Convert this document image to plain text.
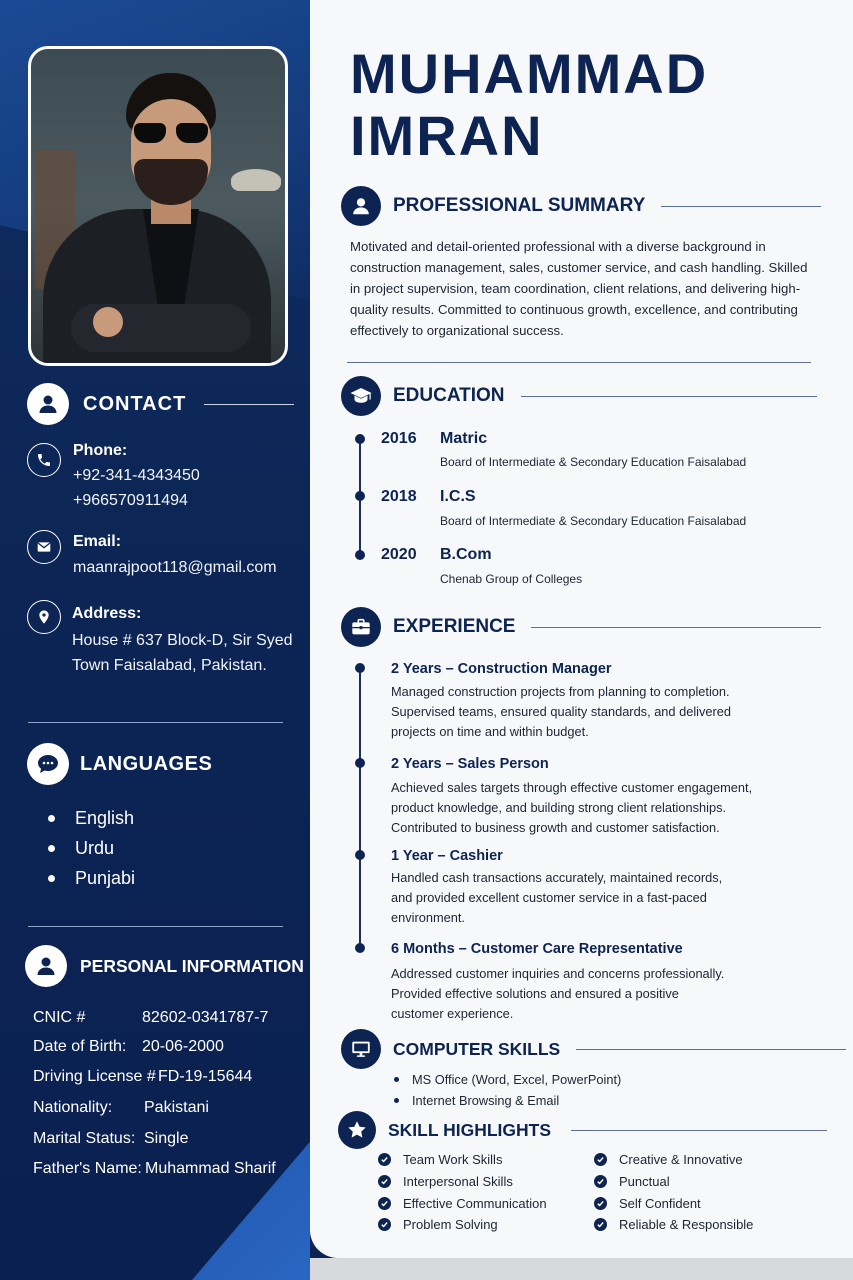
CONTACT
Phone:
+92-341-4343450
+966570911494
Email:
maanrajpoot118@gmail.com
Address:
House # 637 Block-D, Sir Syed
Town Faisalabad, Pakistan.
LANGUAGES
English
Urdu
Punjabi
PERSONAL INFORMATION
CNIC #	82602-0341787-7
Date of Birth: 20-06-2000
Driving License # FD-19-15644
Nationality:	Pakistani
Marital Status: Single
Father's Name: Muhammad Sharif
MUHAMMAD
IMRAN
PROFESSIONAL SUMMARY

Motivated and detail-oriented professional with a diverse background in construction management, sales, customer service, and cash handling. Skilled in project supervision, team coordination, client relations, and delivering high-quality results. Committed to continuous growth, excellence, and contributing effectively to organizational success.

EDUCATION
2016 Matric
Board of Intermediate & Secondary Education Faisalabad
2018 I.C.S
Board of Intermediate & Secondary Education Faisalabad
2020 B.Com
Chenab Group of Colleges
EXPERIENCE
2 Years – Construction Manager
Managed construction projects from planning to completion.
Supervised teams, ensured quality standards, and delivered
projects on time and within budget.
2 Years – Sales Person
Achieved sales targets through effective customer engagement,
product knowledge, and building strong client relationships.
Contributed to business growth and customer satisfaction.
1 Year – Cashier
Handled cash transactions accurately, maintained records,
and provided excellent customer service in a fast-paced
environment.
6 Months – Customer Care Representative
Addressed customer inquiries and concerns professionally.
Provided effective solutions and ensured a positive
customer experience.
COMPUTER SKILLS
MS Office (Word, Excel, PowerPoint)
Internet Browsing & Email
SKILL HIGHLIGHTS
Team Work Skills
Interpersonal Skills
Effective Communication
Problem Solving
Creative & Innovative
Punctual
Self Confident
Reliable & Responsible
